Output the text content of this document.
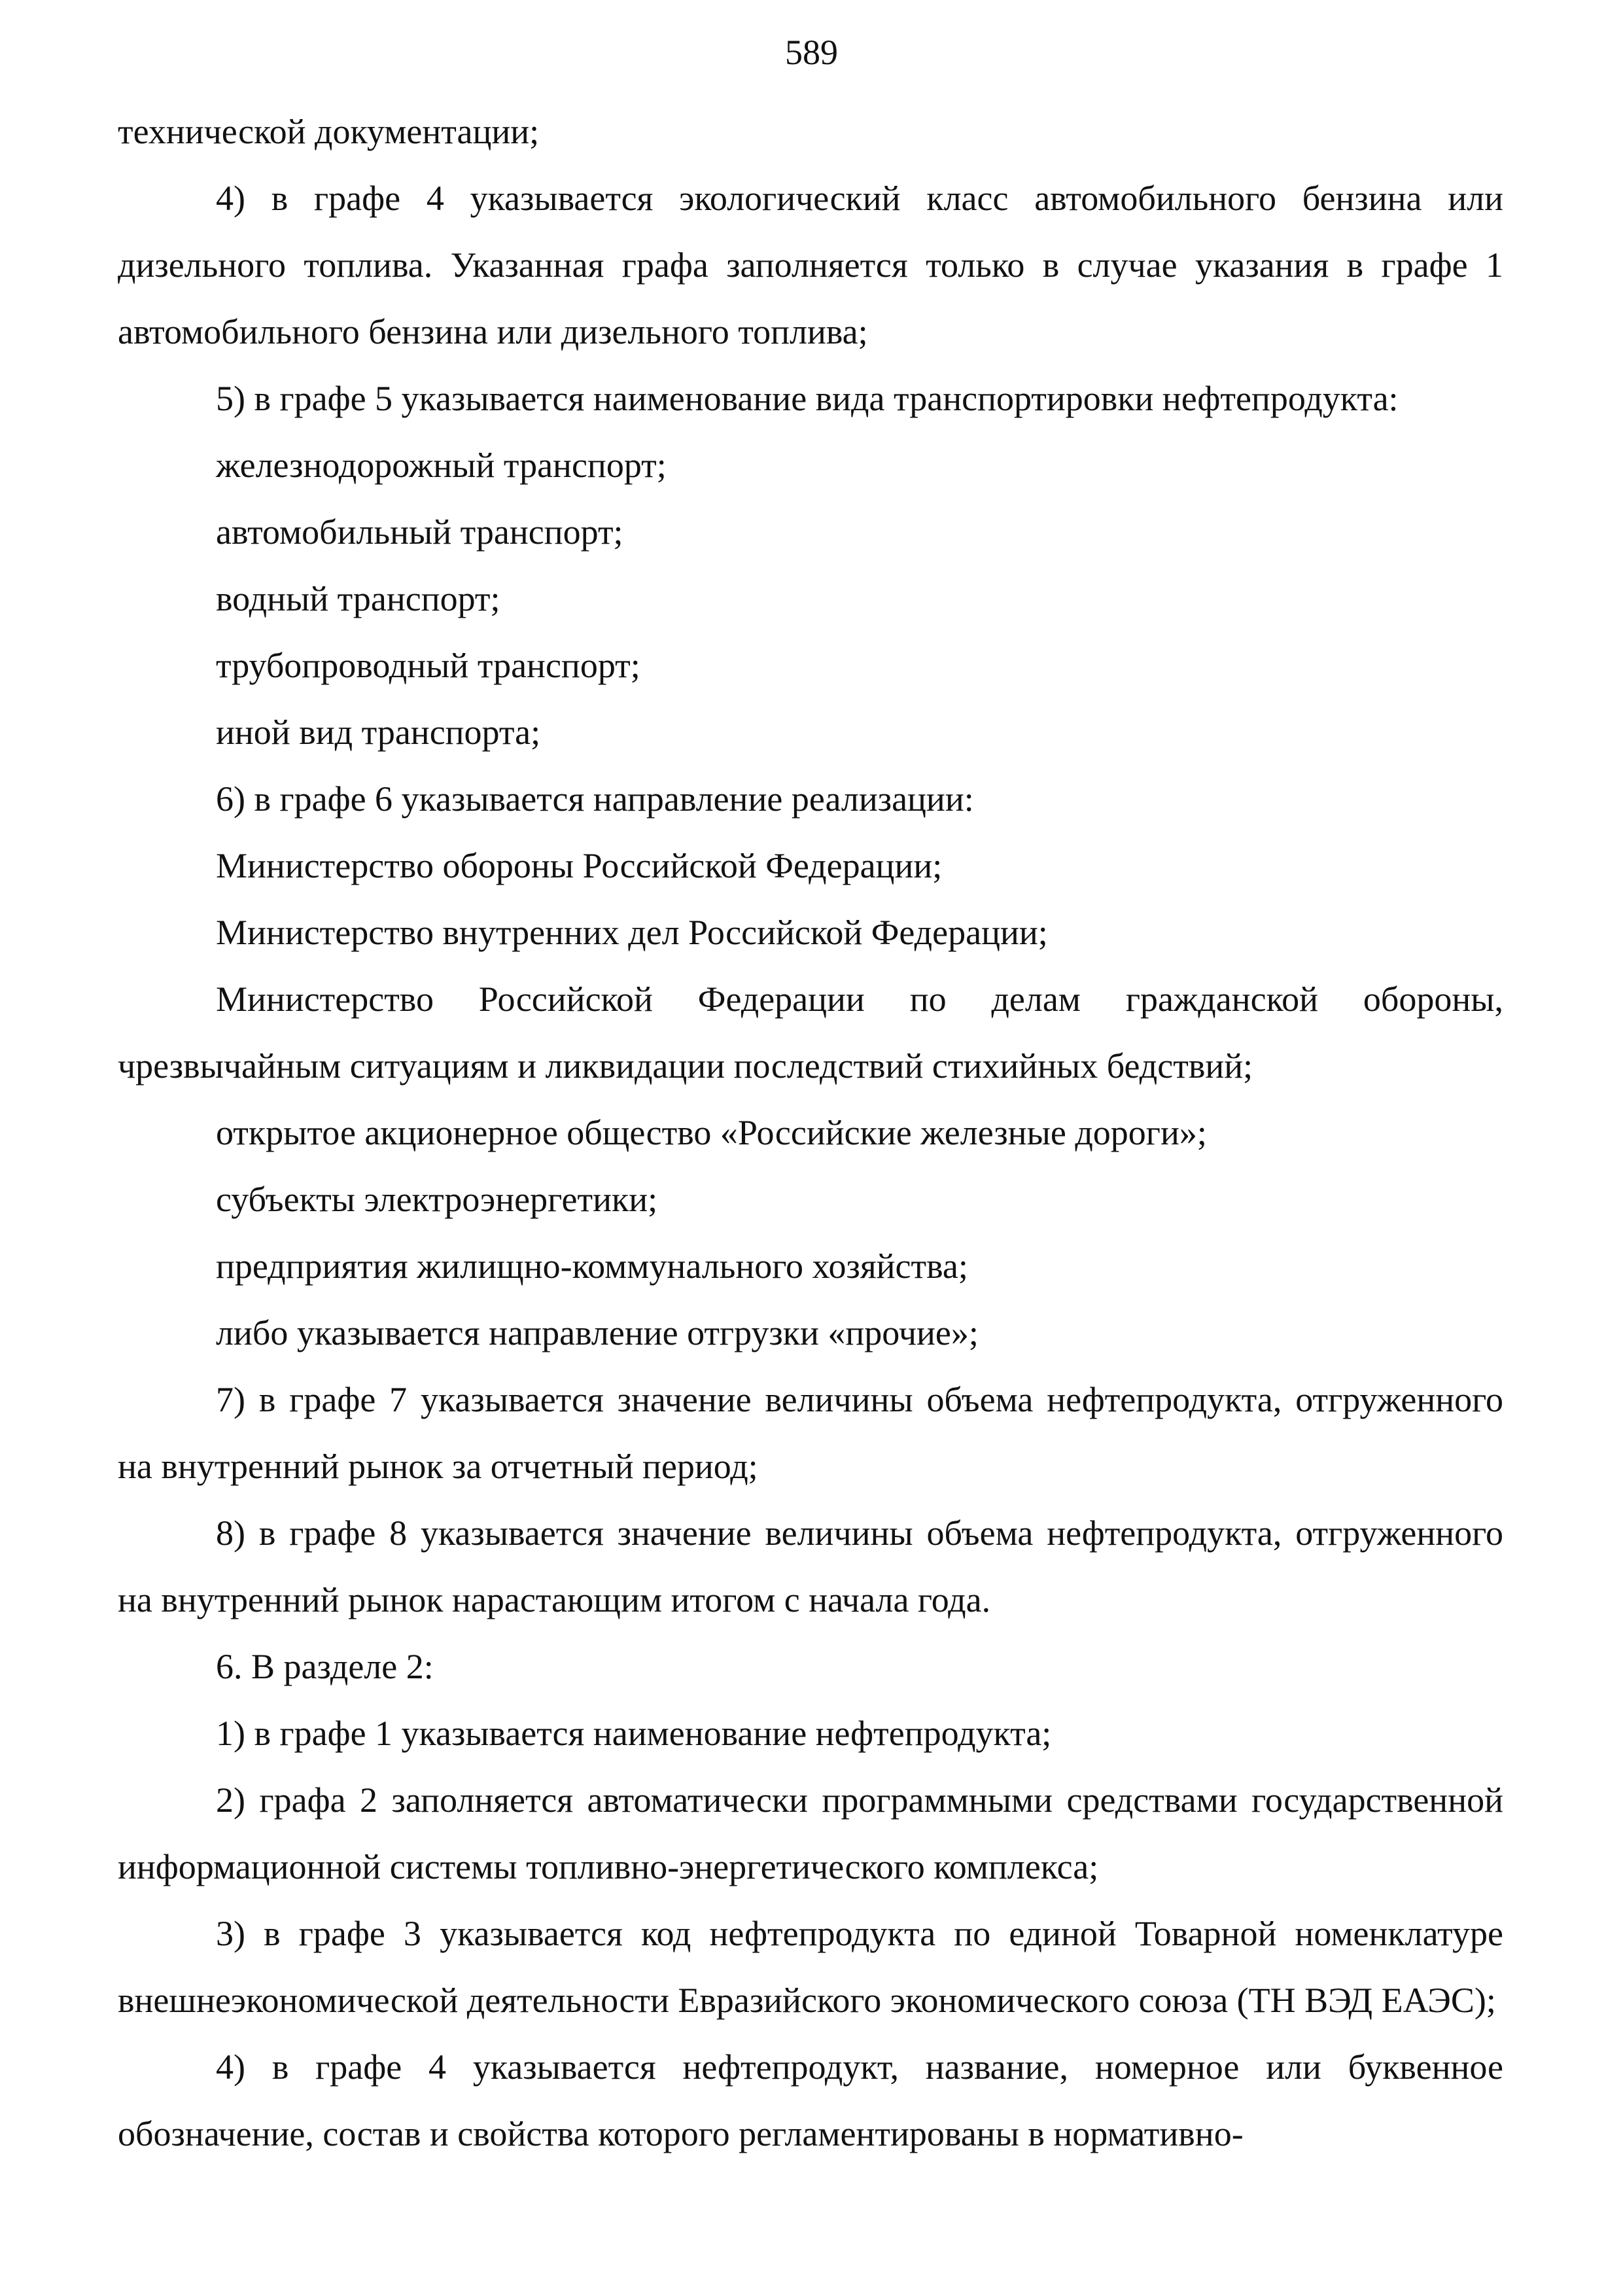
589

технической документации;

4) в графе 4 указывается экологический класс автомобильного бензина или дизельного топлива. Указанная графа заполняется только в случае указания в графе 1 автомобильного бензина или дизельного топлива;

5) в графе 5 указывается наименование вида транспортировки нефтепродукта:

железнодорожный транспорт;

автомобильный транспорт;

водный транспорт;

трубопроводный транспорт;

иной вид транспорта;

6) в графе 6 указывается направление реализации:

Министерство обороны Российской Федерации;

Министерство внутренних дел Российской Федерации;

Министерство Российской Федерации по делам гражданской обороны, чрезвычайным ситуациям и ликвидации последствий стихийных бедствий;

открытое акционерное общество «Российские железные дороги»;

субъекты электроэнергетики;

предприятия жилищно-коммунального хозяйства;

либо указывается направление отгрузки «прочие»;

7) в графе 7 указывается значение величины объема нефтепродукта, отгруженного на внутренний рынок за отчетный период;

8) в графе 8 указывается значение величины объема нефтепродукта, отгруженного на внутренний рынок нарастающим итогом с начала года.

6. В разделе 2:

1) в графе 1 указывается наименование нефтепродукта;

2) графа 2 заполняется автоматически программными средствами государственной информационной системы топливно-энергетического комплекса;

3) в графе 3 указывается код нефтепродукта по единой Товарной номенклатуре внешнеэкономической деятельности Евразийского экономического союза (ТН ВЭД ЕАЭС);

4) в графе 4 указывается нефтепродукт, название, номерное или буквенное обозначение, состав и свойства которого регламентированы в нормативно-
